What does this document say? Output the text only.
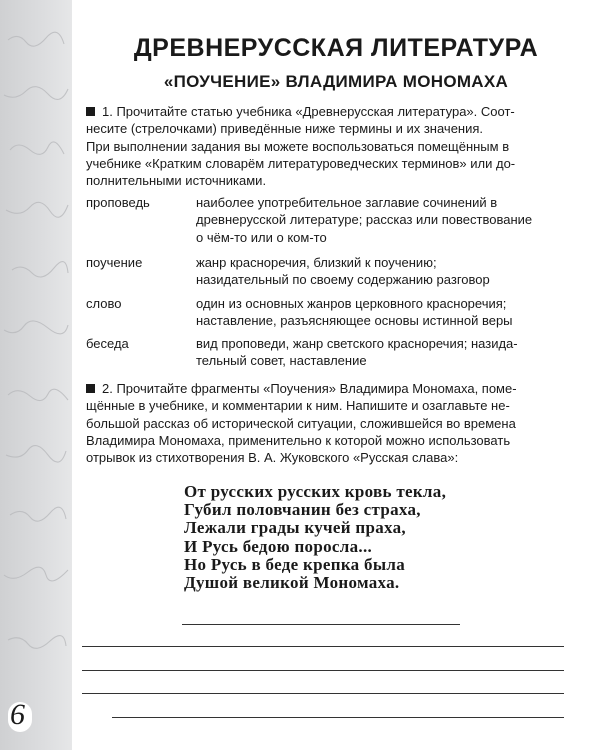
ДРЕВНЕРУССКАЯ ЛИТЕРАТУРА
«ПОУЧЕНИЕ» ВЛАДИМИРА МОНОМАХА
1. Прочитайте статью учебника «Древнерусская литература». Соот-
несите (стрелочками) приведённые ниже термины и их значения.
При выполнении задания вы можете воспользоваться помещённым в
учебнике «Кратким словарём литературоведческих терминов» или до-
полнительными источниками.
проповедь	наиболее употребительное заглавие сочинений в
древнерусской литературе; рассказ или повествование
о чём-то или о ком-то
поучение	жанр красноречия, близкий к поучению;
назидательный по своему содержанию разговор
слово	один из основных жанров церковного красноречия;
наставление, разъясняющее основы истинной веры
беседа	вид проповеди, жанр светского красноречия; назида-
тельный совет, наставление
2. Прочитайте фрагменты «Поучения» Владимира Мономаха, поме-
щённые в учебнике, и комментарии к ним. Напишите и озаглавьте не-
большой рассказ об исторической ситуации, сложившейся во времена
Владимира Мономаха, применительно к которой можно использовать
отрывок из стихотворения В. А. Жуковского «Русская слава»:
От русских русских кровь текла,
Губил половчанин без страха,
Лежали грады кучей праха,
И Русь бедою поросла...
Но Русь в беде крепка была
Душой великой Мономаха.
6
